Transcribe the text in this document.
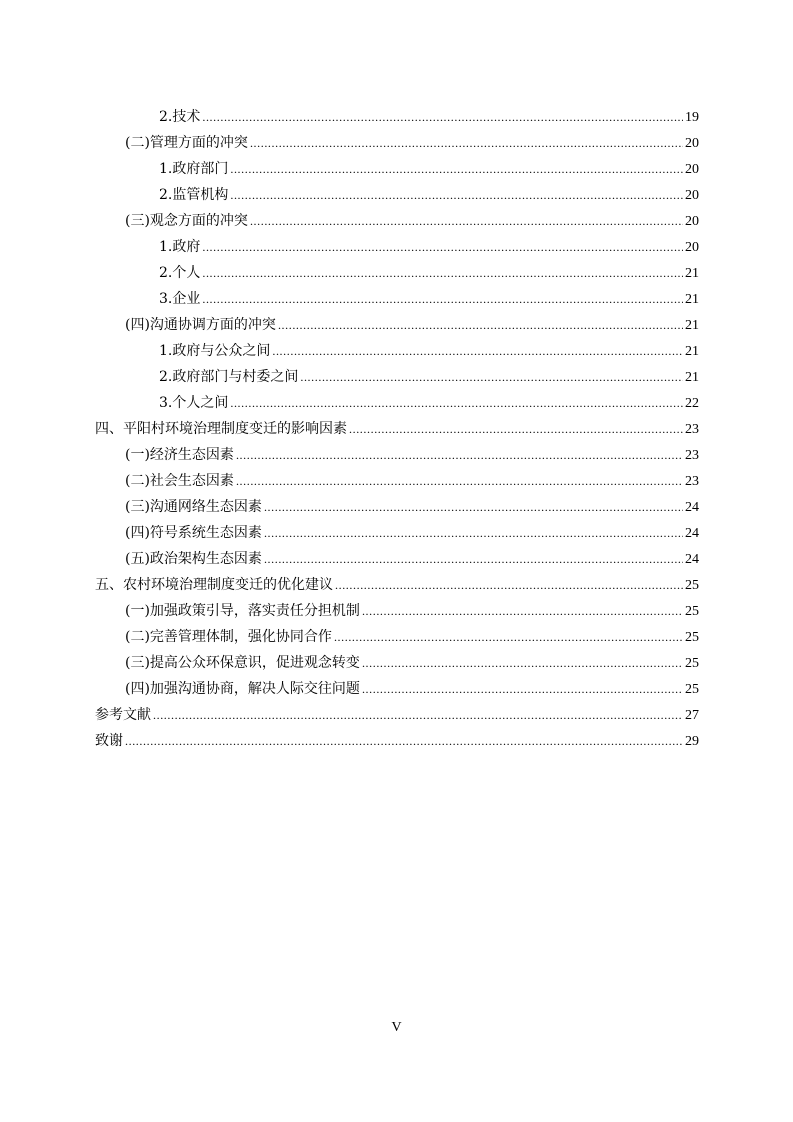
2.技术 .....	19
(二)管理方面的冲突 .....	20
1.政府部门 .....	20
2.监管机构 .....	20
(三)观念方面的冲突 .....	20
1.政府 .....	20
2.个人 .....	21
3.企业 .....	21
(四)沟通协调方面的冲突 .....	21
1.政府与公众之间 .....	21
2.政府部门与村委之间 .....	21
3.个人之间 .....	22
四、平阳村环境治理制度变迁的影响因素 .....	23
(一)经济生态因素 .....	23
(二)社会生态因素 .....	23
(三)沟通网络生态因素 .....	24
(四)符号系统生态因素 .....	24
(五)政治架构生态因素 .....	24
五、农村环境治理制度变迁的优化建议 .....	25
(一)加强政策引导，落实责任分担机制 .....	25
(二)完善管理体制，强化协同合作 .....	25
(三)提高公众环保意识，促进观念转变 .....	25
(四)加强沟通协商，解决人际交往问题 .....	25
参考文献 .....	27
致谢 .....	29
V
